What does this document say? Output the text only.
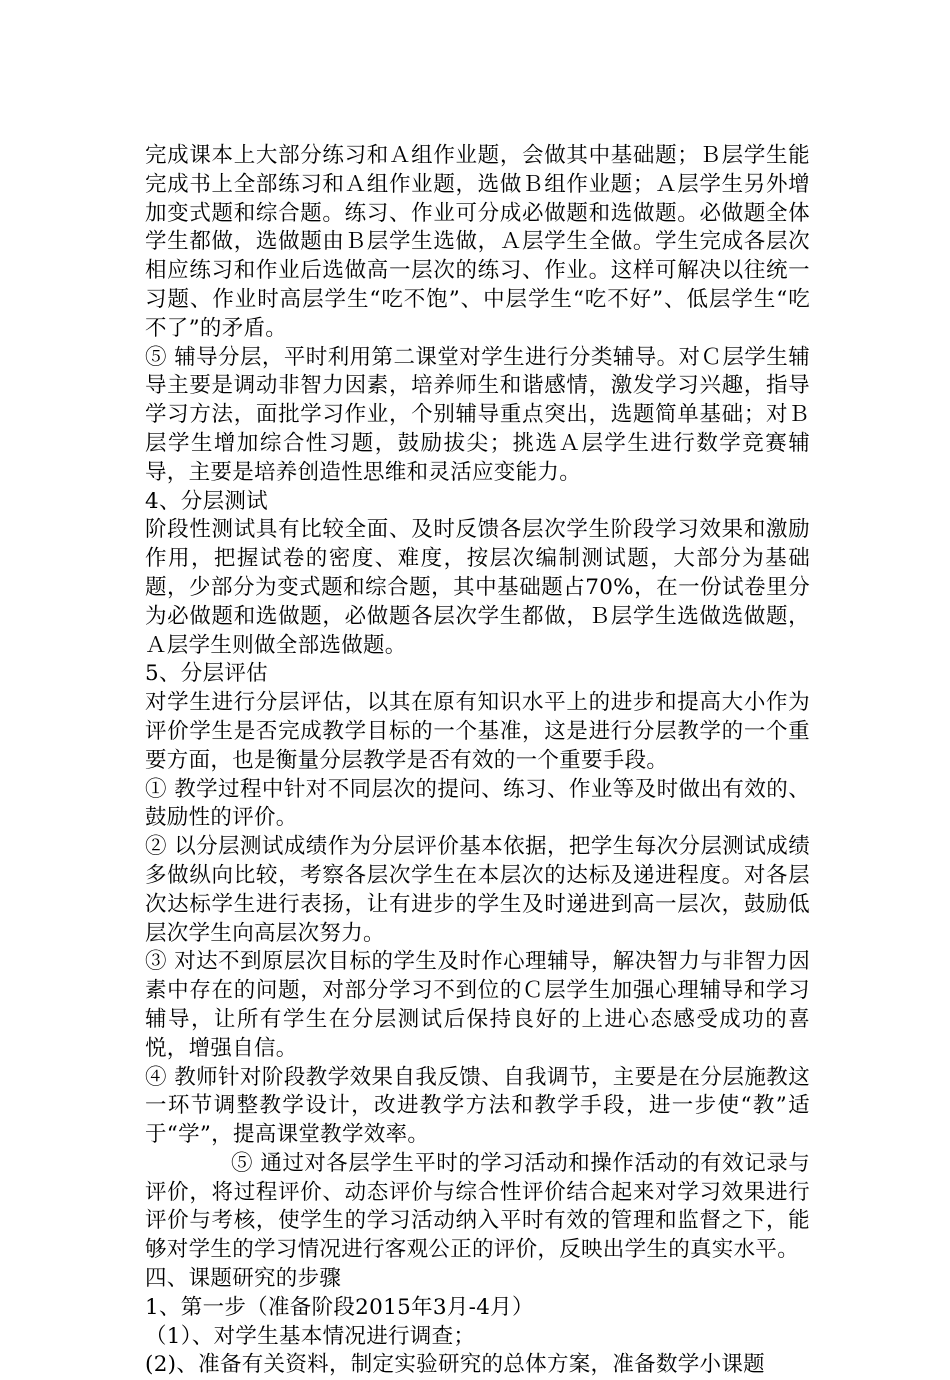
完成课本上大部分练习和Ａ组作业题，会做其中基础题；Ｂ层学生能完成书上全部练习和Ａ组作业题，选做Ｂ组作业题；Ａ层学生另外增加变式题和综合题。练习、作业可分成必做题和选做题。必做题全体学生都做，选做题由Ｂ层学生选做，Ａ层学生全做。学生完成各层次相应练习和作业后选做高一层次的练习、作业。这样可解决以往统一习题、作业时高层学生“吃不饱”、中层学生“吃不好”、低层学生“吃不了”的矛盾。

⑤ 辅导分层，平时利用第二课堂对学生进行分类辅导。对Ｃ层学生辅导主要是调动非智力因素，培养师生和谐感情，激发学习兴趣，指导学习方法，面批学习作业，个别辅导重点突出，选题简单基础；对Ｂ层学生增加综合性习题，鼓励拔尖；挑选Ａ层学生进行数学竞赛辅导，主要是培养创造性思维和灵活应变能力。

4、分层测试

阶段性测试具有比较全面、及时反馈各层次学生阶段学习效果和激励作用，把握试卷的密度、难度，按层次编制测试题，大部分为基础题，少部分为变式题和综合题，其中基础题占70%，在一份试卷里分为必做题和选做题，必做题各层次学生都做，Ｂ层学生选做选做题，Ａ层学生则做全部选做题。

5、分层评估

对学生进行分层评估，以其在原有知识水平上的进步和提高大小作为评价学生是否完成教学目标的一个基准，这是进行分层教学的一个重要方面，也是衡量分层教学是否有效的一个重要手段。

① 教学过程中针对不同层次的提问、练习、作业等及时做出有效的、鼓励性的评价。

② 以分层测试成绩作为分层评价基本依据，把学生每次分层测试成绩多做纵向比较，考察各层次学生在本层次的达标及递进程度。对各层次达标学生进行表扬，让有进步的学生及时递进到高一层次，鼓励低层次学生向高层次努力。

③ 对达不到原层次目标的学生及时作心理辅导，解决智力与非智力因素中存在的问题，对部分学习不到位的Ｃ层学生加强心理辅导和学习辅导，让所有学生在分层测试后保持良好的上进心态感受成功的喜悦，增强自信。

④ 教师针对阶段教学效果自我反馈、自我调节，主要是在分层施教这一环节调整教学设计，改进教学方法和教学手段，进一步使“教”适于“学”，提高课堂教学效率。

⑤ 通过对各层学生平时的学习活动和操作活动的有效记录与评价，将过程评价、动态评价与综合性评价结合起来对学习效果进行评价与考核，使学生的学习活动纳入平时有效的管理和监督之下，能够对学生的学习情况进行客观公正的评价，反映出学生的真实水平。

四、课题研究的步骤

1、第一步（准备阶段2015年3月-4月）

（1）、对学生基本情况进行调查；

(2)、准备有关资料，制定实验研究的总体方案，准备数学小课题
